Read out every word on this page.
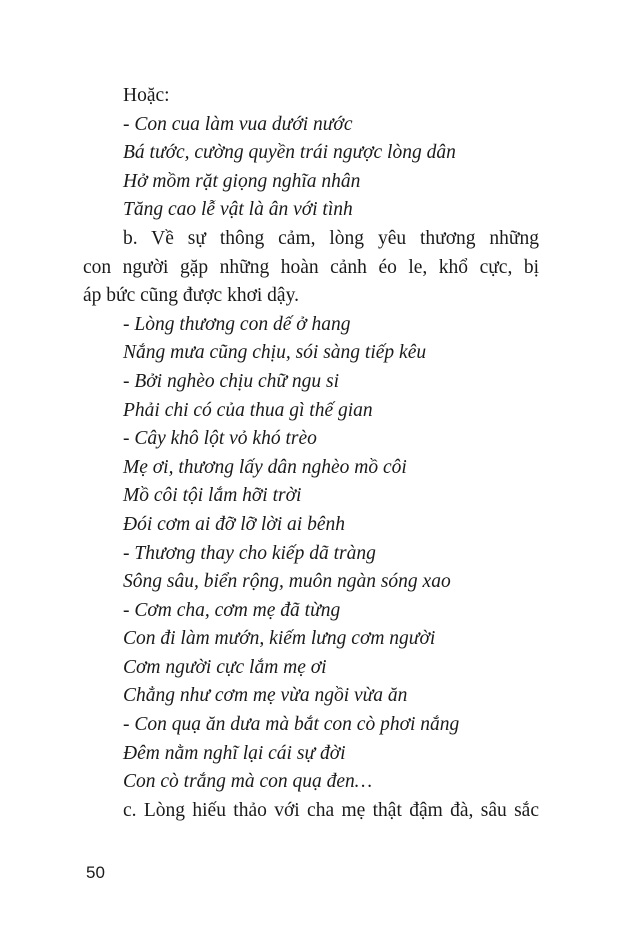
Hoặc:
- Con cua làm vua dưới nước
Bá tước, cường quyền trái ngược lòng dân
Hở mồm rặt giọng nghĩa nhân
Tăng cao lễ vật là ân với tình
b. Về sự thông cảm, lòng yêu thương những
con người gặp những hoàn cảnh éo le, khổ cực, bị
áp bức cũng được khơi dậy.
- Lòng thương con dế ở hang
Nắng mưa cũng chịu, sói sàng tiếp kêu
- Bởi nghèo chịu chữ ngu si
Phải chi có của thua gì thế gian
- Cây khô lột vỏ khó trèo
Mẹ ơi, thương lấy dân nghèo mồ côi
Mồ côi tội lắm hỡi trời
Đói cơm ai đỡ lỡ lời ai bênh
- Thương thay cho kiếp dã tràng
Sông sâu, biển rộng, muôn ngàn sóng xao
- Cơm cha, cơm mẹ đã từng
Con đi làm mướn, kiếm lưng cơm người
Cơm người cực lắm mẹ ơi
Chẳng như cơm mẹ vừa ngồi vừa ăn
- Con quạ ăn dưa mà bắt con cò phơi nắng
Đêm nằm nghĩ lại cái sự đời
Con cò trắng mà con quạ đen…
c. Lòng hiếu thảo với cha mẹ thật đậm đà, sâu sắc
50
